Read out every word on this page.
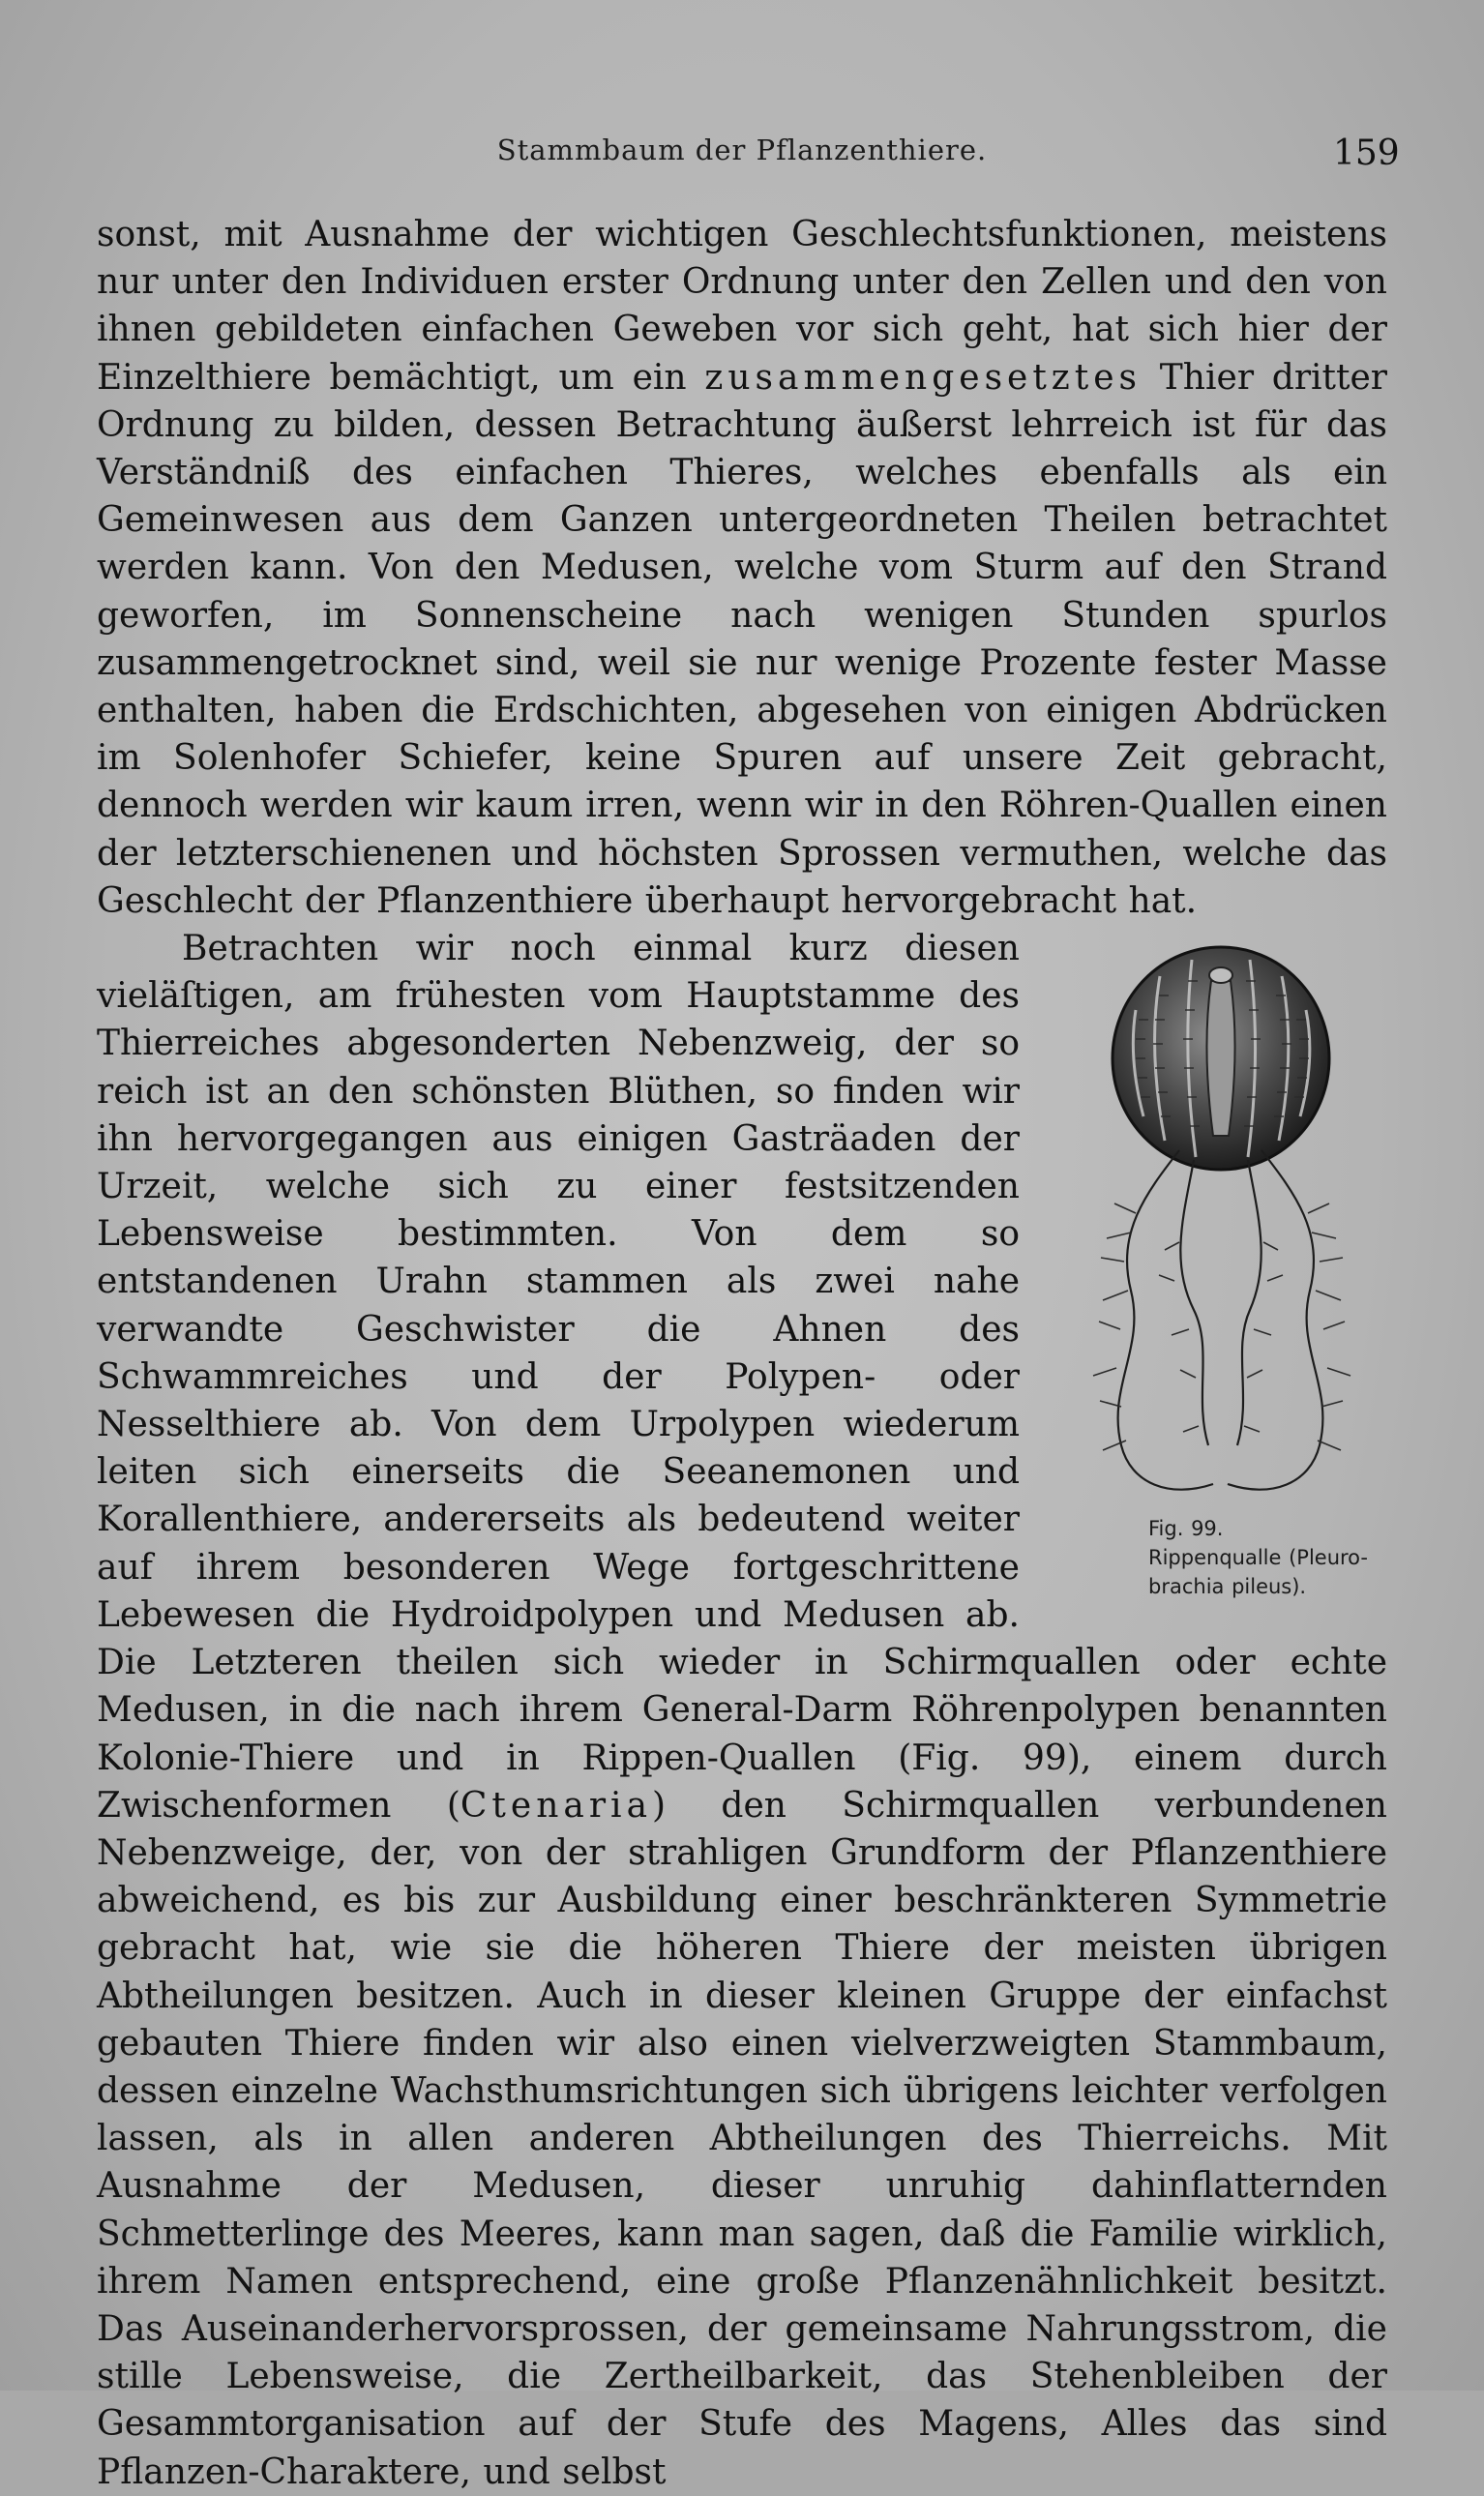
Stammbaum der Pflanzenthiere.	159

sonst, mit Ausnahme der wichtigen Geschlechtsfunktionen, meistens nur unter den Individuen erster Ordnung unter den Zellen und den von ihnen gebildeten einfachen Geweben vor sich geht, hat sich hier der Einzelthiere bemächtigt, um ein zusammengesetztes Thier dritter Ordnung zu bilden, dessen Betrachtung äußerst lehrreich ist für das Verständniß des einfachen Thieres, welches ebenfalls als ein Gemeinwesen aus dem Ganzen untergeordneten Theilen betrachtet werden kann. Von den Medusen, welche vom Sturm auf den Strand geworfen, im Sonnenscheine nach wenigen Stunden spurlos zusammengetrocknet sind, weil sie nur wenige Prozente fester Masse enthalten, haben die Erdschichten, abgesehen von einigen Abdrücken im Solenhofer Schiefer, keine Spuren auf unsere Zeit gebracht, dennoch werden wir kaum irren, wenn wir in den Röhren-Quallen einen der letzterschienenen und höchsten Sprossen vermuthen, welche das Geschlecht der Pflanzenthiere überhaupt hervorgebracht hat.

Fig. 99.
Rippenqualle (Pleuro-
brachia pileus).
Betrachten wir noch einmal kurz diesen vieläſtigen, am frühesten vom Hauptstamme des Thierreiches abgesonderten Nebenzweig, der so reich ist an den schönsten Blüthen, so finden wir ihn hervorgegangen aus einigen Gasträaden der Urzeit, welche sich zu einer festsitzenden Lebensweise bestimmten. Von dem so entstandenen Urahn stammen als zwei nahe verwandte Geschwister die Ahnen des Schwammreiches und der Polypen- oder Nesselthiere ab. Von dem Urpolypen wiederum leiten sich einerseits die Seeanemonen und Korallenthiere, andererseits als bedeutend weiter auf ihrem besonderen Wege fortgeschrittene Lebewesen die Hydroidpolypen und Medusen ab. Die Letzteren theilen sich wieder in Schirmquallen oder echte Medusen, in die nach ihrem General-Darm Röhrenpolypen benannten Kolonie-Thiere und in Rippen-Quallen (Fig. 99), einem durch Zwischenformen (Ctenaria) den Schirmquallen verbundenen Nebenzweige, der, von der strahligen Grundform der Pflanzenthiere abweichend, es bis zur Ausbildung einer beschränkteren Symmetrie gebracht hat, wie sie die höheren Thiere der meisten übrigen Abtheilungen besitzen. Auch in dieser kleinen Gruppe der einfachst gebauten Thiere finden wir also einen vielverzweigten Stammbaum, dessen einzelne Wachsthumsrichtungen sich übrigens leichter verfolgen lassen, als in allen anderen Abtheilungen des Thierreichs. Mit Ausnahme der Medusen, dieser unruhig dahinflatternden Schmetterlinge des Meeres, kann man sagen, daß die Familie wirklich, ihrem Namen entsprechend, eine große Pflanzenähnlichkeit besitzt. Das Auseinanderhervorsprossen, der gemeinsame Nahrungsstrom, die stille Lebensweise, die Zertheilbarkeit, das Stehenbleiben der Gesammtorganisation auf der Stufe des Magens, Alles das sind Pflanzen-Charaktere, und selbst
